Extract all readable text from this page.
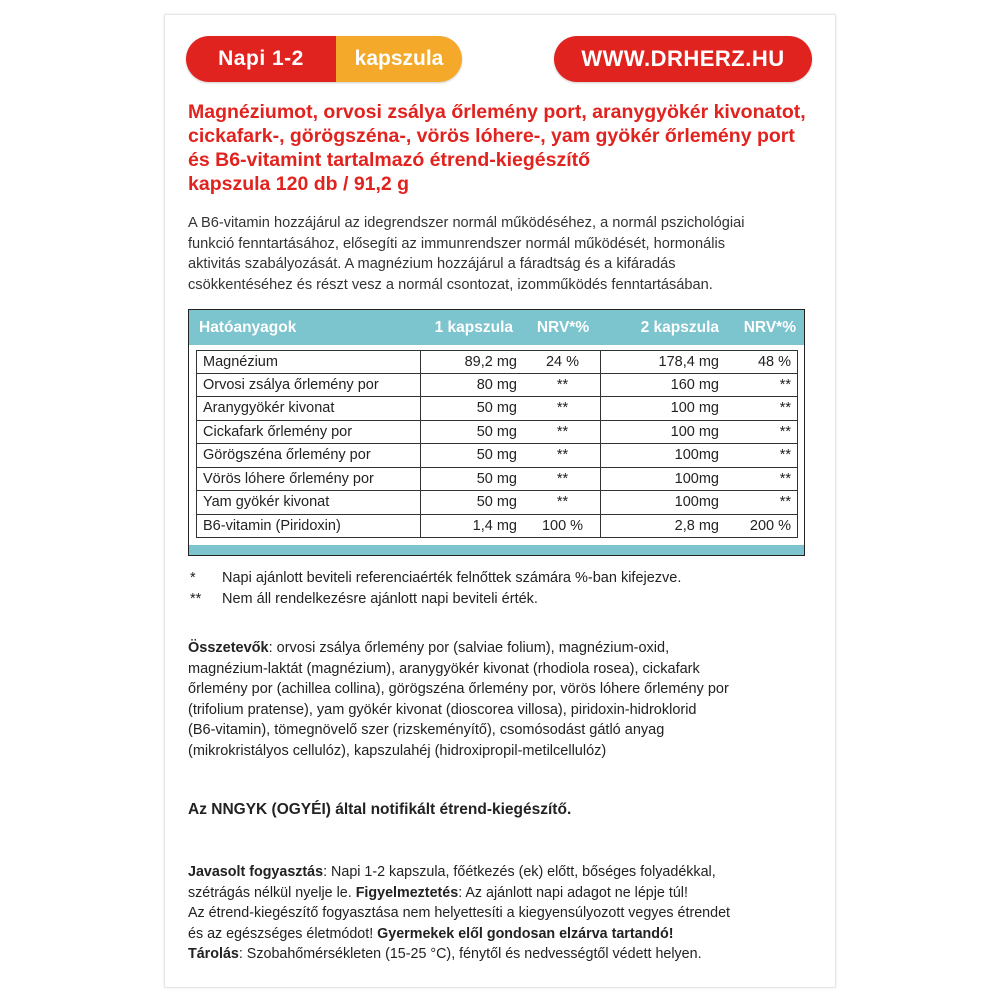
Napi 1-2	kapszula	WWW.DRHERZ.HU
Magnéziumot, orvosi zsálya őrlemény port, aranygyökér kivonatot,
cickafark-, görögszéna-, vörös lóhere-, yam gyökér őrlemény port
és B6-vitamint tartalmazó étrend-kiegészítő
kapszula 120 db / 91,2 g
A B6-vitamin hozzájárul az idegrendszer normál működéséhez, a normál pszichológiai
funkció fenntartásához, elősegíti az immunrendszer normál működését, hormonális
aktivitás szabályozását. A magnézium hozzájárul a fáradtság és a kifáradás
csökkentéséhez és részt vesz a normál csontozat, izomműködés fenntartásában.
Hatóanyagok	1 kapszula	NRV*%	2 kapszula	NRV*%
Magnézium	89,2 mg	24 %	178,4 mg	48 %
Orvosi zsálya őrlemény por	80 mg	**	160 mg	**
Aranygyökér kivonat	50 mg	**	100 mg	**
Cickafark őrlemény por	50 mg	**	100 mg	**
Görögszéna őrlemény por	50 mg	**	100mg	**
Vörös lóhere őrlemény por	50 mg	**	100mg	**
Yam gyökér kivonat	50 mg	**	100mg	**
B6-vitamin (Piridoxin)	1,4 mg	100 %	2,8 mg	200 %
*	Napi ajánlott beviteli referenciaérték felnőttek számára %-ban kifejezve.
**	Nem áll rendelkezésre ajánlott napi beviteli érték.
Összetevők: orvosi zsálya őrlemény por (salviae folium), magnézium-oxid,
magnézium-laktát (magnézium), aranygyökér kivonat (rhodiola rosea), cickafark
őrlemény por (achillea collina), görögszéna őrlemény por, vörös lóhere őrlemény por
(trifolium pratense), yam gyökér kivonat (dioscorea villosa), piridoxin-hidroklorid
(B6-vitamin), tömegnövelő szer (rizskeményítő), csomósodást gátló anyag
(mikrokristályos cellulóz), kapszulahéj (hidroxipropil-metilcellulóz)
Az NNGYK (OGYÉI) által notifikált étrend-kiegészítő.
Javasolt fogyasztás: Napi 1-2 kapszula, főétkezés (ek) előtt, bőséges folyadékkal,
szétrágás nélkül nyelje le. Figyelmeztetés: Az ajánlott napi adagot ne lépje túl!
Az étrend-kiegészítő fogyasztása nem helyettesíti a kiegyensúlyozott vegyes étrendet
és az egészséges életmódot! Gyermekek elől gondosan elzárva tartandó!
Tárolás: Szobahőmérsékleten (15-25 °C), fénytől és nedvességtől védett helyen.
